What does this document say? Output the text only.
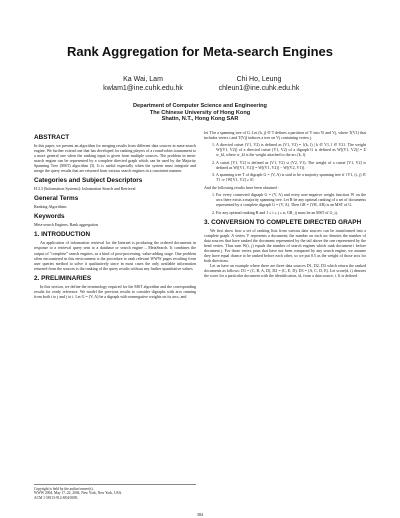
Rank Aggregation for Meta-search Engines
Ka Wai, Lam
kwlam1@ine.cuhk.edu.hk
Chi Ho, Leung
chleun1@ine.cuhk.edu.hk
Department of Computer Science and Engineering
The Chinese University of Hong Kong
Shatin, N.T., Hong Kong SAR
ABSTRACT

In this paper, we present an algorithm for merging results from different data sources in meta-search engine. We further extend one that has developed for ranking players of a round-robin tournament to a more general one when the ranking input is given from multiple sources. The problem in meta-search engine can be represented by a complete directed graph which can be used by the Majority Spanning Tree (MST) algorithm [3]. It is useful especially when the system must integrate and merge the query results that are returned from various search engines in a consistent manner.

Categories and Subject Descriptors

H.3.3 [Information Systems]: Information Search and Retrieval

General Terms

Ranking Algorithms

Keywords

Meta-search Engines, Rank aggregation

1. INTRODUCTION

An application of information retrieval for the Internet is producing the ordered documents in response to a retrieval query sent to a database or search engine – MetaSearch. It combines the output of "complete" search engines, as a kind of post-processing, value-adding stage. One problem often encountered in this environment is the procedure to rank relevant WWW pages resulting from user queries method to solve it qualitatively since in most cases the only available information returned from the sources is the ranking of the query results without any further quantitative values.

2. PRELIMINARIES

In this section, we define the terminology required for the MST algorithm and the corresponding results for ready reference. We model the previous results to consider digraphs with arcs running from both i to j and j to i. Let G = (V, A) be a digraph with nonnegative weights on its arcs, and

Copyright is held by the author/owner(s).
WWW 2004, May 17–22, 2004, New York, New York, USA.
ACM 1-58113-912-8/04/0005.

let T be a spanning tree of G. Let (h, j) ∈ T defines a partition of V into Vi and Vj, where T(V1) that includes vertex i and T(Vj) induces a tree on Vj containing vertex j.

1. A directed cutset (V1, V2) is defined as (V1, V2) = {(k, l) | k ∈ V1, l ∈ V2}. The weight W[(V1, V2)] of a directed cutset (V1, V2) of a digraph G is defined as W[(V1, V2)] = Σ w_kl, where w_kl is the weight attached to the arc (k, l).
2. A cutset [V1, V2] is defined as (V1, V2) ∪ (V2, V1). The weight of a cutset [V1, V2] is defined as W([V1, V2]) = W[(V1, V2)] − W[(V2, V1)].
3. A spanning tree T of digraph G = (V, A) is said to be a majority spanning tree if {V1, (i, j) ∈ T} ⇒ {W[V1, V2] ≥ 0}

And the following results have been obtained :

1. For every connected digraph G = (V, A) and every non-negative weight function W on the arcs there exists a majority spanning tree. Let R be any optimal ranking of a set of documents represented by a complete digraph G = (V, A). Then GR = (VR, AR) is an MST of G.
2. For any optimal ranking R and 1 ≤ i ≤ j ≤ n, GR_ij must be an MST of G_ij.
3. CONVERSION TO COMPLETE DIRECTED GRAPH

We first show how a set of ranking lists from various data sources can be transformed into a complete graph. A vertex V represents a document; the number on each arc denotes the number of data sources that have ranked the document represented by the tail above the one represented by the head vertex. Thus sum W(i, j) equals the number of search engines which rank document i before document j. For those vertex pairs that have not been compared by any search engine, we assume they have equal chance to be ranked before each other, so we put 0.5 as the weight of those arcs for both directions.

Let us have an example where there are three data sources D1, D2, D3 which return the ranked documents as follows: D1 = (C, B, A, D), D2 = (C, E, D), D3 = (A, C, D, E). Let score(d, i) denotes the score for a particular document with the identification, id, from a data source, i. It is defined

384
